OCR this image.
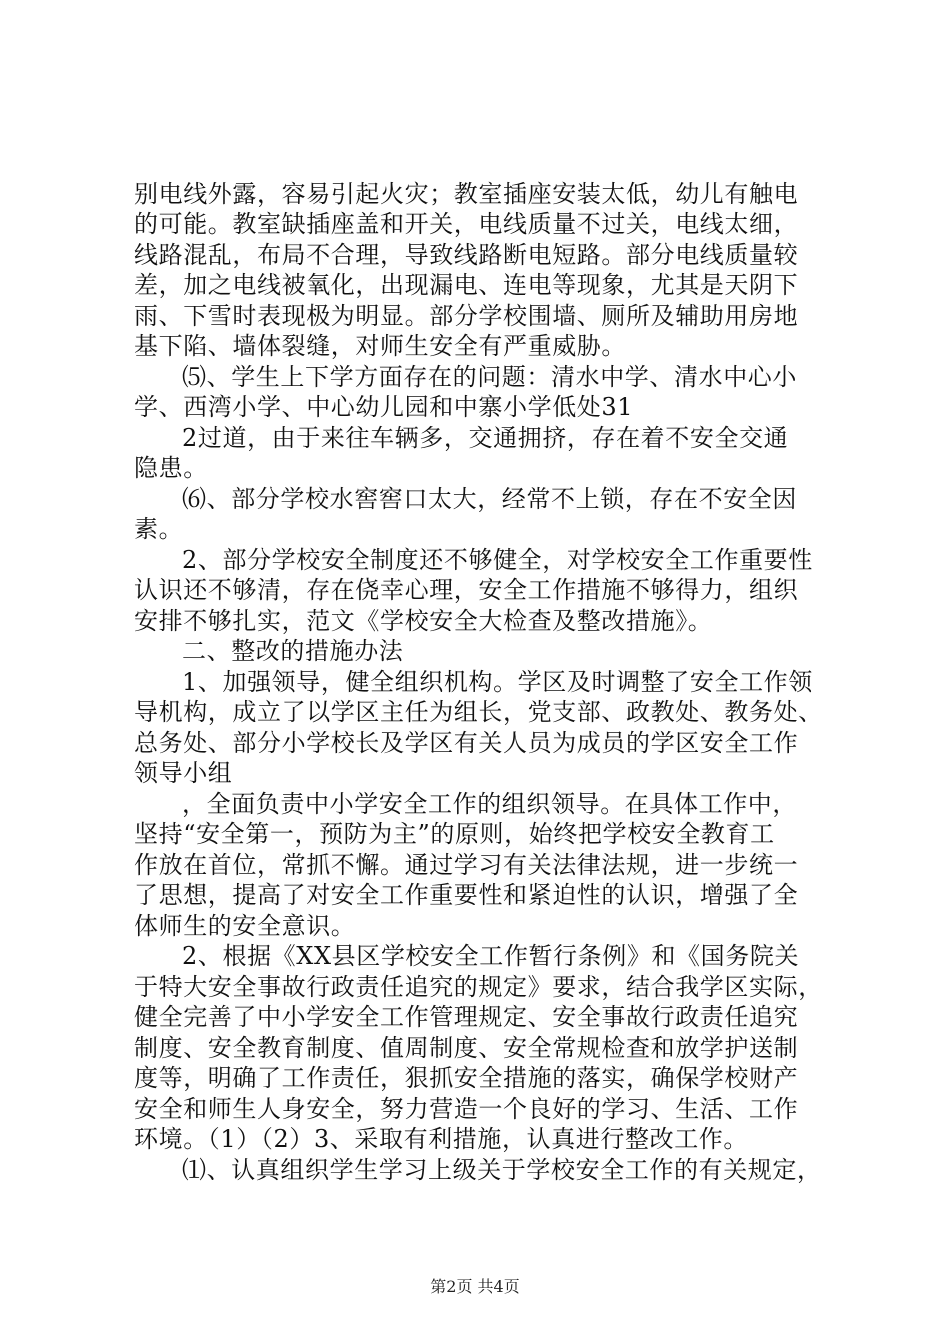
别电线外露，容易引起火灾；教室插座安装太低，幼儿有触电
的可能。教室缺插座盖和开关，电线质量不过关，电线太细，
线路混乱，布局不合理，导致线路断电短路。部分电线质量较
差，加之电线被氧化，出现漏电、连电等现象，尤其是天阴下
雨、下雪时表现极为明显。部分学校围墙、厕所及辅助用房地
基下陷、墙体裂缝，对师生安全有严重威胁。
⑸、学生上下学方面存在的问题：清水中学、清水中心小
学、西湾小学、中心幼儿园和中寨小学低处31
2过道，由于来往车辆多，交通拥挤，存在着不安全交通
隐患。
⑹、部分学校水窖窖口太大，经常不上锁，存在不安全因
素。
2、部分学校安全制度还不够健全，对学校安全工作重要性
认识还不够清，存在侥幸心理，安全工作措施不够得力，组织
安排不够扎实，范文《学校安全大检查及整改措施》。
二、整改的措施办法
1、加强领导，健全组织机构。学区及时调整了安全工作领
导机构，成立了以学区主任为组长，党支部、政教处、教务处、
总务处、部分小学校长及学区有关人员为成员的学区安全工作
领导小组
，全面负责中小学安全工作的组织领导。在具体工作中，
坚持“安全第一，预防为主”的原则，始终把学校安全教育工
作放在首位，常抓不懈。通过学习有关法律法规，进一步统一
了思想，提高了对安全工作重要性和紧迫性的认识，增强了全
体师生的安全意识。
2、根据《XX县区学校安全工作暂行条例》和《国务院关
于特大安全事故行政责任追究的规定》要求，结合我学区实际，
健全完善了中小学安全工作管理规定、安全事故行政责任追究
制度、安全教育制度、值周制度、安全常规检查和放学护送制
度等，明确了工作责任，狠抓安全措施的落实，确保学校财产
安全和师生人身安全，努力营造一个良好的学习、生活、工作
环境。（1）（2）3、采取有利措施，认真进行整改工作。
⑴、认真组织学生学习上级关于学校安全工作的有关规定，
第2页 共4页
